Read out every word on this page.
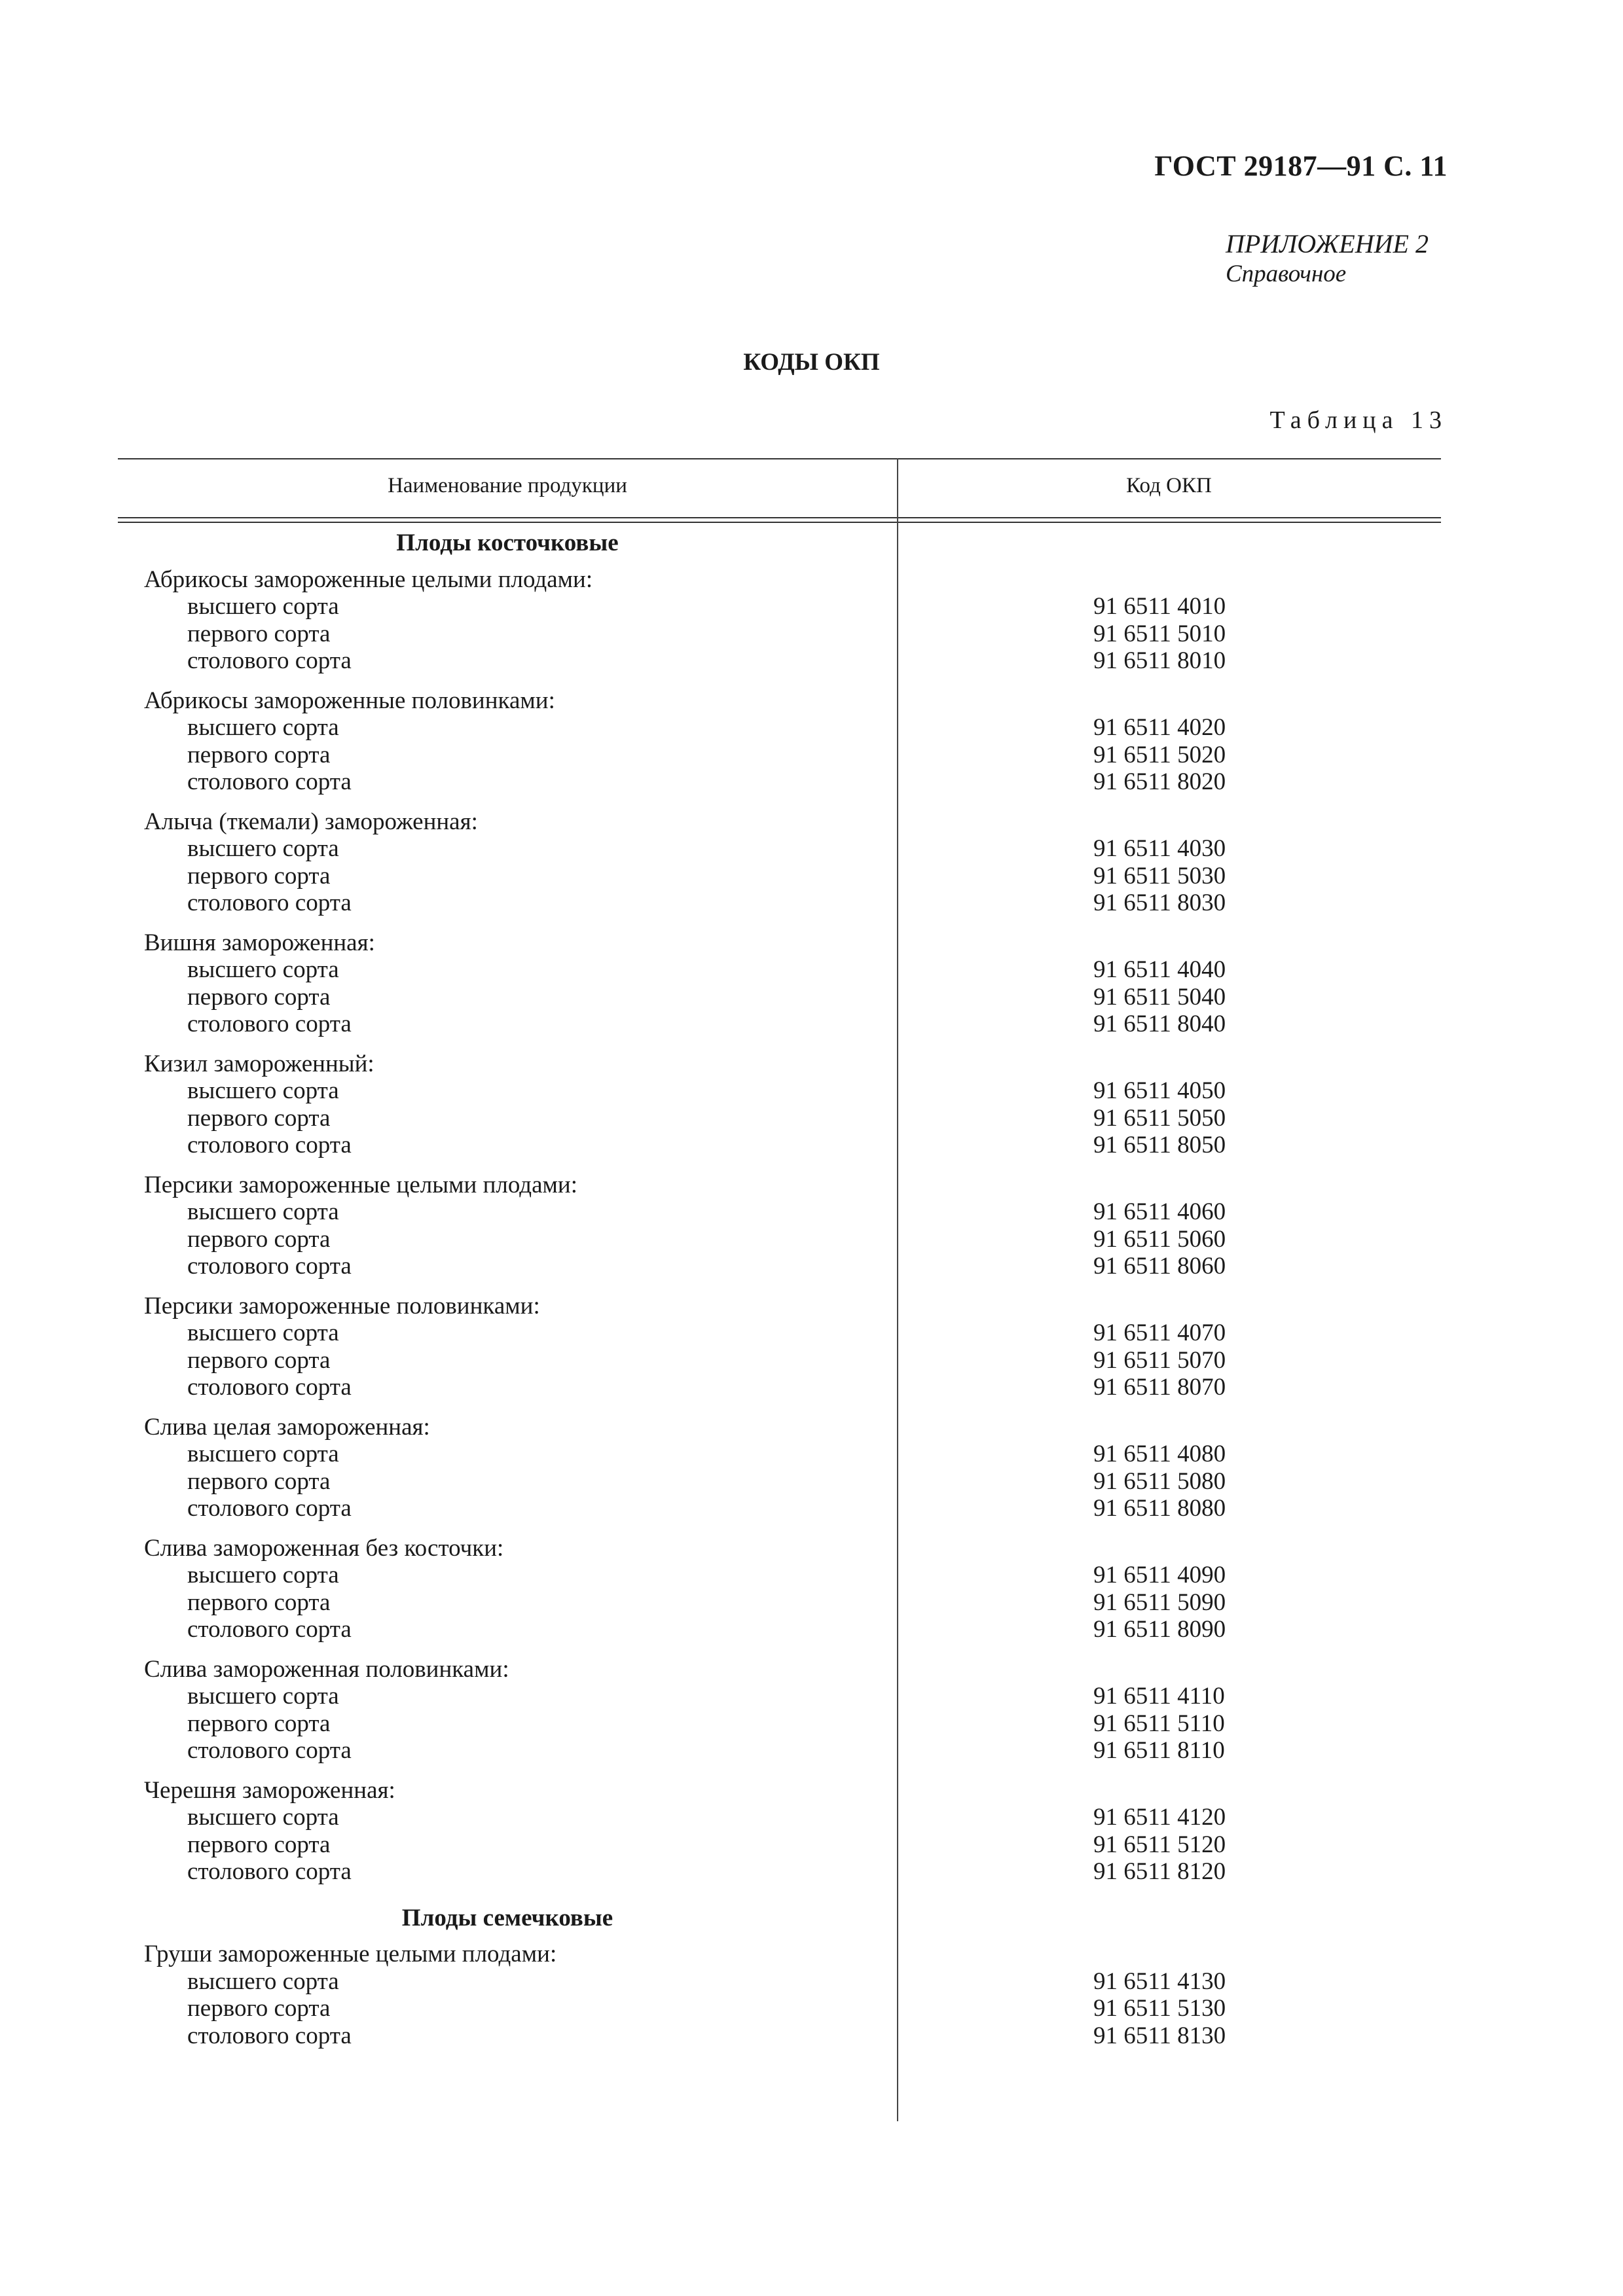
ГОСТ 29187—91 С. 11
ПРИЛОЖЕНИЕ 2
Справочное
КОДЫ ОКП
Таблица 13
Наименование продукции	Код ОКП
Плоды косточковые
Абрикосы замороженные целыми плодами:
высшего сорта	91 6511 4010
первого сорта	91 6511 5010
столового сорта	91 6511 8010
Абрикосы замороженные половинками:
высшего сорта	91 6511 4020
первого сорта	91 6511 5020
столового сорта	91 6511 8020
Алыча (ткемали) замороженная:
высшего сорта	91 6511 4030
первого сорта	91 6511 5030
столового сорта	91 6511 8030
Вишня замороженная:
высшего сорта	91 6511 4040
первого сорта	91 6511 5040
столового сорта	91 6511 8040
Кизил замороженный:
высшего сорта	91 6511 4050
первого сорта	91 6511 5050
столового сорта	91 6511 8050
Персики замороженные целыми плодами:
высшего сорта	91 6511 4060
первого сорта	91 6511 5060
столового сорта	91 6511 8060
Персики замороженные половинками:
высшего сорта	91 6511 4070
первого сорта	91 6511 5070
столового сорта	91 6511 8070
Слива целая замороженная:
высшего сорта	91 6511 4080
первого сорта	91 6511 5080
столового сорта	91 6511 8080
Слива замороженная без косточки:
высшего сорта	91 6511 4090
первого сорта	91 6511 5090
столового сорта	91 6511 8090
Слива замороженная половинками:
высшего сорта	91 6511 4110
первого сорта	91 6511 5110
столового сорта	91 6511 8110
Черешня замороженная:
высшего сорта	91 6511 4120
первого сорта	91 6511 5120
столового сорта	91 6511 8120
Плоды семечковые
Груши замороженные целыми плодами:
высшего сорта	91 6511 4130
первого сорта	91 6511 5130
столового сорта	91 6511 8130
